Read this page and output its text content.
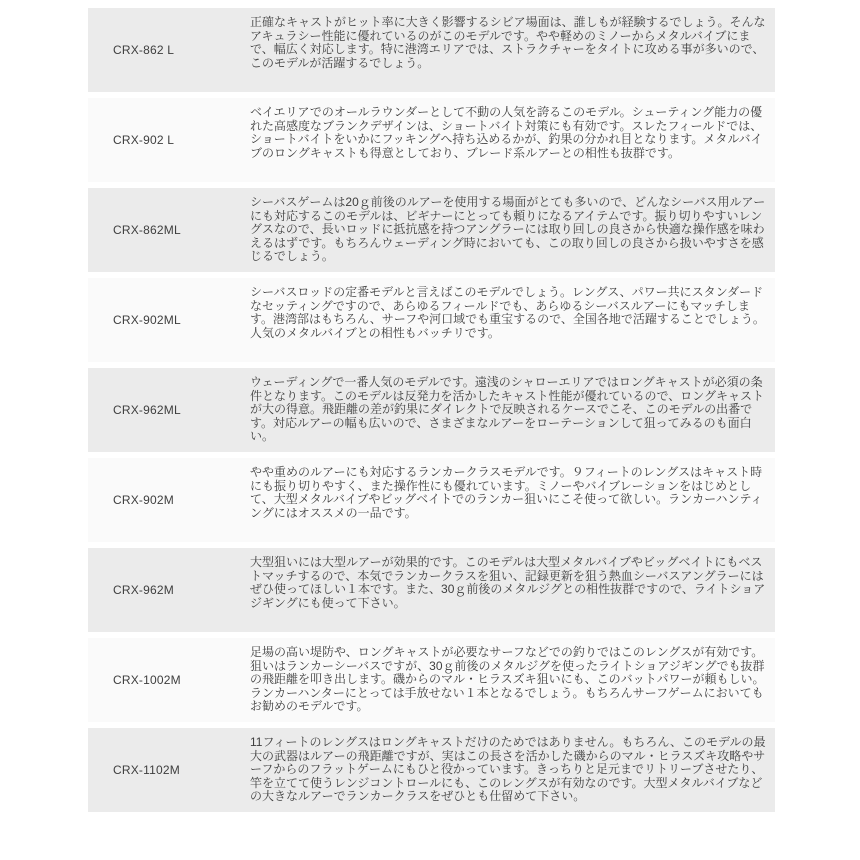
CRX-862 L
正確なキャストがヒット率に大きく影響するシビア場面は、誰しもが経験するでしょう。そんなアキュラシー性能に優れているのがこのモデルです。やや軽めのミノーからメタルバイブにまで、幅広く対応します。特に港湾エリアでは、ストラクチャーをタイトに攻める事が多いので、このモデルが活躍するでしょう。
CRX-902 L
ベイエリアでのオールラウンダーとして不動の人気を誇るこのモデル。シューティング能力の優れた高感度なブランクデザインは、ショートバイト対策にも有効です。スレたフィールドでは、ショートバイトをいかにフッキングへ持ち込めるかが、釣果の分かれ目となります。メタルバイブのロングキャストも得意としており、ブレード系ルアーとの相性も抜群です。
CRX-862ML
シーバスゲームは20ｇ前後のルアーを使用する場面がとても多いので、どんなシーバス用ルアーにも対応するこのモデルは、ビギナーにとっても頼りになるアイテムです。振り切りやすいレングスなので、長いロッドに抵抗感を持つアングラーには取り回しの良さから快適な操作感を味わえるはずです。もちろんウェーディング時においても、この取り回しの良さから扱いやすさを感じるでしょう。
CRX-902ML
シーバスロッドの定番モデルと言えばこのモデルでしょう。レングス、パワー共にスタンダードなセッティングですので、あらゆるフィールドでも、あらゆるシーバスルアーにもマッチします。港湾部はもちろん、サーフや河口域でも重宝するので、全国各地で活躍することでしょう。人気のメタルバイブとの相性もバッチリです。
CRX-962ML
ウェーディングで一番人気のモデルです。遠浅のシャローエリアではロングキャストが必須の条件となります。このモデルは反発力を活かしたキャスト性能が優れているので、ロングキャストが大の得意。飛距離の差が釣果にダイレクトで反映されるケースでこそ、このモデルの出番です。対応ルアーの幅も広いので、さまざまなルアーをローテーションして狙ってみるのも面白い。
CRX-902M
やや重めのルアーにも対応するランカークラスモデルです。９フィートのレングスはキャスト時にも振り切りやすく、また操作性にも優れています。ミノーやバイブレーションをはじめとして、大型メタルバイブやビッグベイトでのランカー狙いにこそ使って欲しい。ランカーハンティングにはオススメの一品です。
CRX-962M
大型狙いには大型ルアーが効果的です。このモデルは大型メタルバイブやビッグベイトにもベストマッチするので、本気でランカークラスを狙い、記録更新を狙う熱血シーバスアングラーにはぜひ使ってほしい１本です。また、30ｇ前後のメタルジグとの相性抜群ですので、ライトショアジギングにも使って下さい。
CRX-1002M
足場の高い堤防や、ロングキャストが必要なサーフなどでの釣りではこのレングスが有効です。狙いはランカーシーバスですが、30ｇ前後のメタルジグを使ったライトショアジギングでも抜群の飛距離を叩き出します。磯からのマル・ヒラスズキ狙いにも、このバットパワーが頼もしい。ランカーハンターにとっては手放せない１本となるでしょう。もちろんサーフゲームにおいてもお勧めのモデルです。
CRX-1102M
11フィートのレングスはロングキャストだけのためではありません。もちろん、このモデルの最大の武器はルアーの飛距離ですが、実はこの長さを活かした磯からのマル・ヒラスズキ攻略やサーフからのフラットゲームにもひと役かっています。きっちりと足元までリトリーブさせたり、竿を立てて使うレンジコントロールにも、このレングスが有効なのです。大型メタルバイブなどの大きなルアーでランカークラスをぜひとも仕留めて下さい。
